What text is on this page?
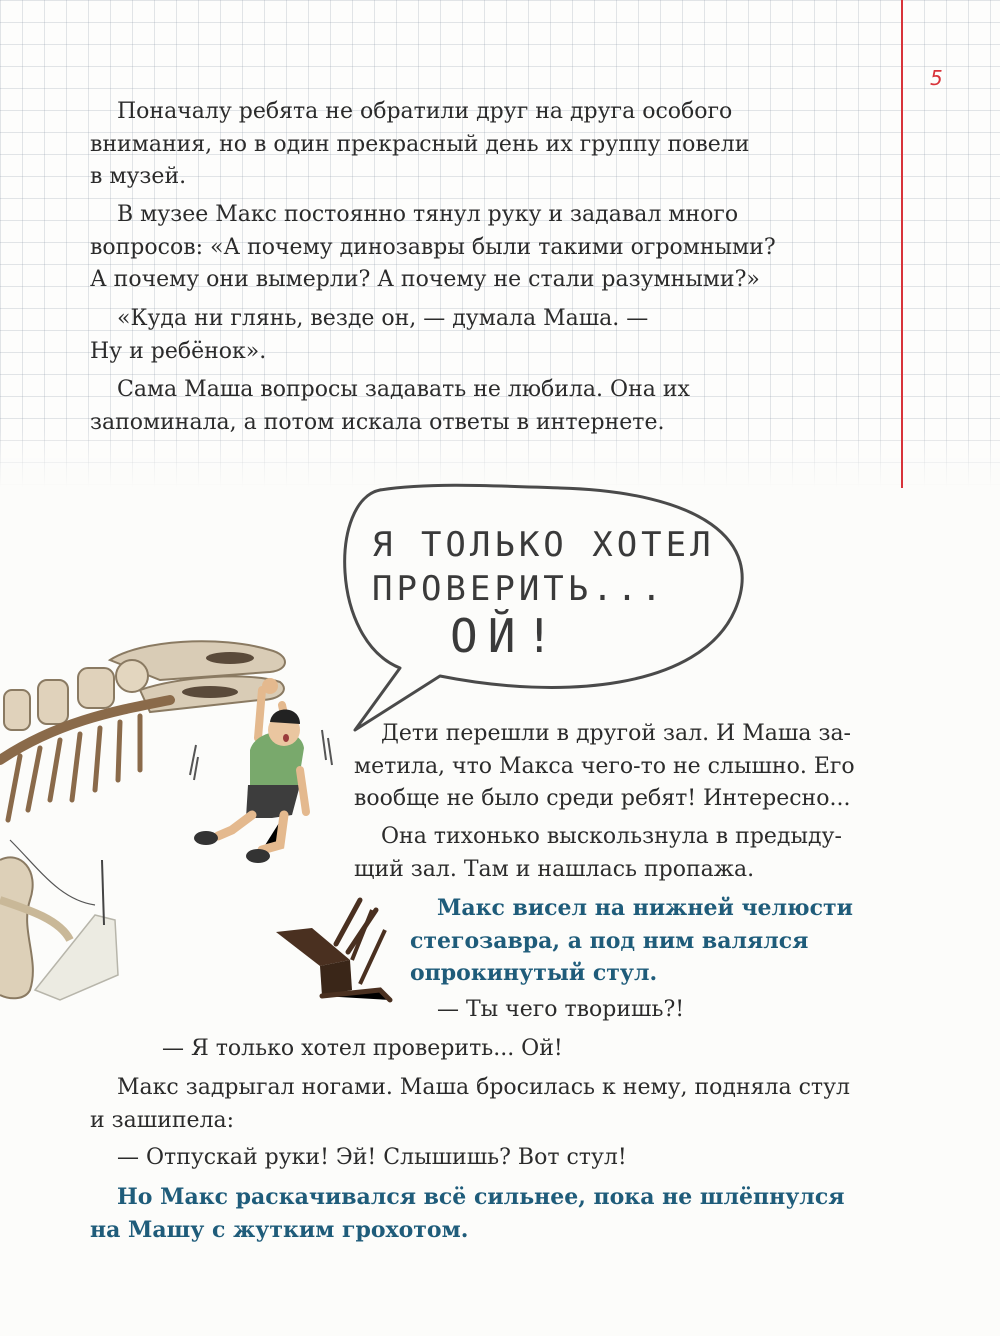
5

Поначалу ребята не обратили друг на друга особого
внимания, но в один прекрасный день их группу повели
в музей.

В музее Макс постоянно тянул руку и задавал много
вопросов: «А почему динозавры были такими огромными?
А почему они вымерли? А почему не стали разумными?»

«Куда ни глянь, везде он, — думала Маша. —
Ну и ребёнок».

Сама Маша вопросы задавать не любила. Она их
запоминала, а потом искала ответы в интернете.

Я ТОЛЬКО ХОТЕЛ
ПРОВЕРИТЬ...
ОЙ!

Дети перешли в другой зал. И Маша за-
метила, что Макса чего-то не слышно. Его
вообще не было среди ребят! Интересно...

Она тихонько выскользнула в предыду-
щий зал. Там и нашлась пропажа.

Макс висел на нижней челюсти
стегозавра, а под ним валялся
опрокинутый стул.

— Ты чего творишь?!

— Я только хотел проверить... Ой!

Макс задрыгал ногами. Маша бросилась к нему, подняла стул
и зашипела:

— Отпускай руки! Эй! Слышишь? Вот стул!

Но Макс раскачивался всё сильнее, пока не шлёпнулся
на Машу с жутким грохотом.
